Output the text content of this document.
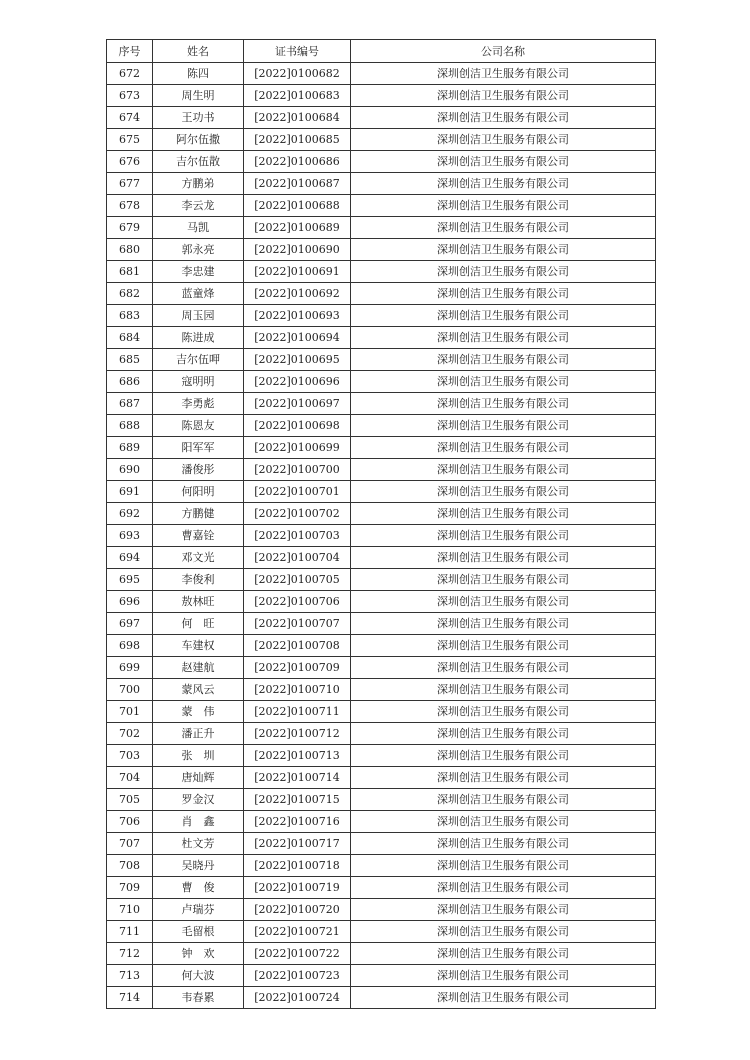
序号	姓名	证书编号	公司名称
672	陈四	[2022]0100682	深圳创洁卫生服务有限公司
673	周生明	[2022]0100683	深圳创洁卫生服务有限公司
674	王功书	[2022]0100684	深圳创洁卫生服务有限公司
675	阿尔伍撒	[2022]0100685	深圳创洁卫生服务有限公司
676	吉尔伍散	[2022]0100686	深圳创洁卫生服务有限公司
677	方鹏弟	[2022]0100687	深圳创洁卫生服务有限公司
678	李云龙	[2022]0100688	深圳创洁卫生服务有限公司
679	马凯	[2022]0100689	深圳创洁卫生服务有限公司
680	郭永亮	[2022]0100690	深圳创洁卫生服务有限公司
681	李忠建	[2022]0100691	深圳创洁卫生服务有限公司
682	蓝童烽	[2022]0100692	深圳创洁卫生服务有限公司
683	周玉园	[2022]0100693	深圳创洁卫生服务有限公司
684	陈进成	[2022]0100694	深圳创洁卫生服务有限公司
685	吉尔伍呷	[2022]0100695	深圳创洁卫生服务有限公司
686	寇明明	[2022]0100696	深圳创洁卫生服务有限公司
687	李勇彪	[2022]0100697	深圳创洁卫生服务有限公司
688	陈恩友	[2022]0100698	深圳创洁卫生服务有限公司
689	阳军军	[2022]0100699	深圳创洁卫生服务有限公司
690	潘俊彤	[2022]0100700	深圳创洁卫生服务有限公司
691	何阳明	[2022]0100701	深圳创洁卫生服务有限公司
692	方鹏健	[2022]0100702	深圳创洁卫生服务有限公司
693	曹嘉铨	[2022]0100703	深圳创洁卫生服务有限公司
694	邓文光	[2022]0100704	深圳创洁卫生服务有限公司
695	李俊利	[2022]0100705	深圳创洁卫生服务有限公司
696	敖林旺	[2022]0100706	深圳创洁卫生服务有限公司
697	何　旺	[2022]0100707	深圳创洁卫生服务有限公司
698	车建权	[2022]0100708	深圳创洁卫生服务有限公司
699	赵建航	[2022]0100709	深圳创洁卫生服务有限公司
700	蒙风云	[2022]0100710	深圳创洁卫生服务有限公司
701	蒙　伟	[2022]0100711	深圳创洁卫生服务有限公司
702	潘正升	[2022]0100712	深圳创洁卫生服务有限公司
703	张　圳	[2022]0100713	深圳创洁卫生服务有限公司
704	唐灿辉	[2022]0100714	深圳创洁卫生服务有限公司
705	罗金汉	[2022]0100715	深圳创洁卫生服务有限公司
706	肖　鑫	[2022]0100716	深圳创洁卫生服务有限公司
707	杜文芳	[2022]0100717	深圳创洁卫生服务有限公司
708	吴晓丹	[2022]0100718	深圳创洁卫生服务有限公司
709	曹　俊	[2022]0100719	深圳创洁卫生服务有限公司
710	卢瑞芬	[2022]0100720	深圳创洁卫生服务有限公司
711	毛留根	[2022]0100721	深圳创洁卫生服务有限公司
712	钟　欢	[2022]0100722	深圳创洁卫生服务有限公司
713	何大波	[2022]0100723	深圳创洁卫生服务有限公司
714	韦春累	[2022]0100724	深圳创洁卫生服务有限公司
